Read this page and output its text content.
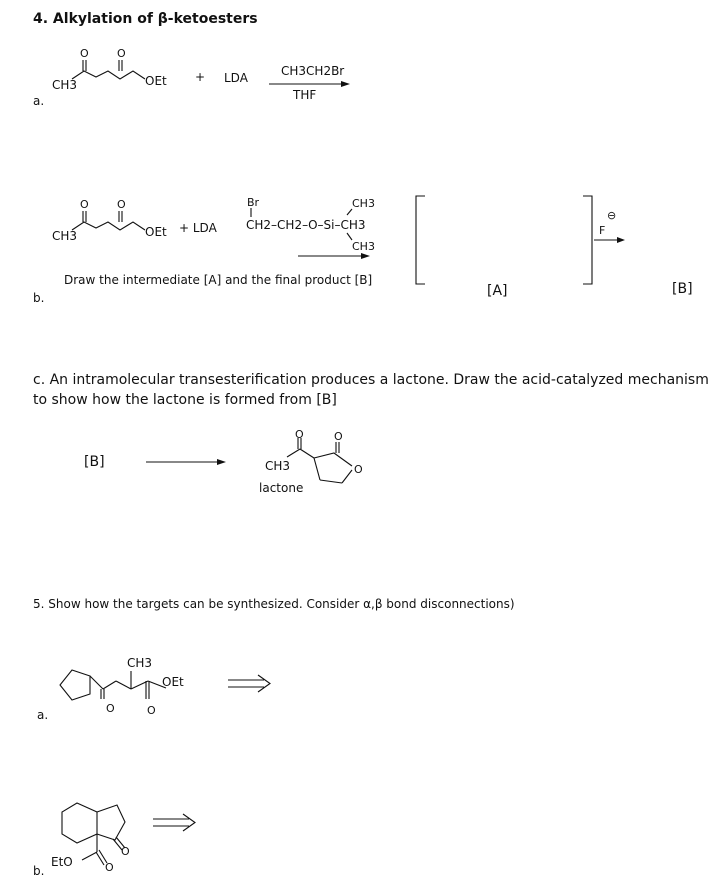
4. Alkylation of β-ketoesters
O	O
CH3	OEt + LDA	CH3CH2Br
THF
a.
O	O
CH3	OEt + LDA
Br
CH2–CH2–O–Si–CH3
CH3
CH3
Draw the intermediate [A] and the final product [B]
[A]
⊖
F
[B]
b.
c. An intramolecular transesterification produces a lactone. Draw the acid-catalyzed mechanism
to show how the lactone is formed from [B]
[B]
O	O
O
CH3
lactone
5. Show how the targets can be synthesized. Consider α,β bond disconnections)
CH3
OEt
O	O
a.
O
O
EtO
b.
